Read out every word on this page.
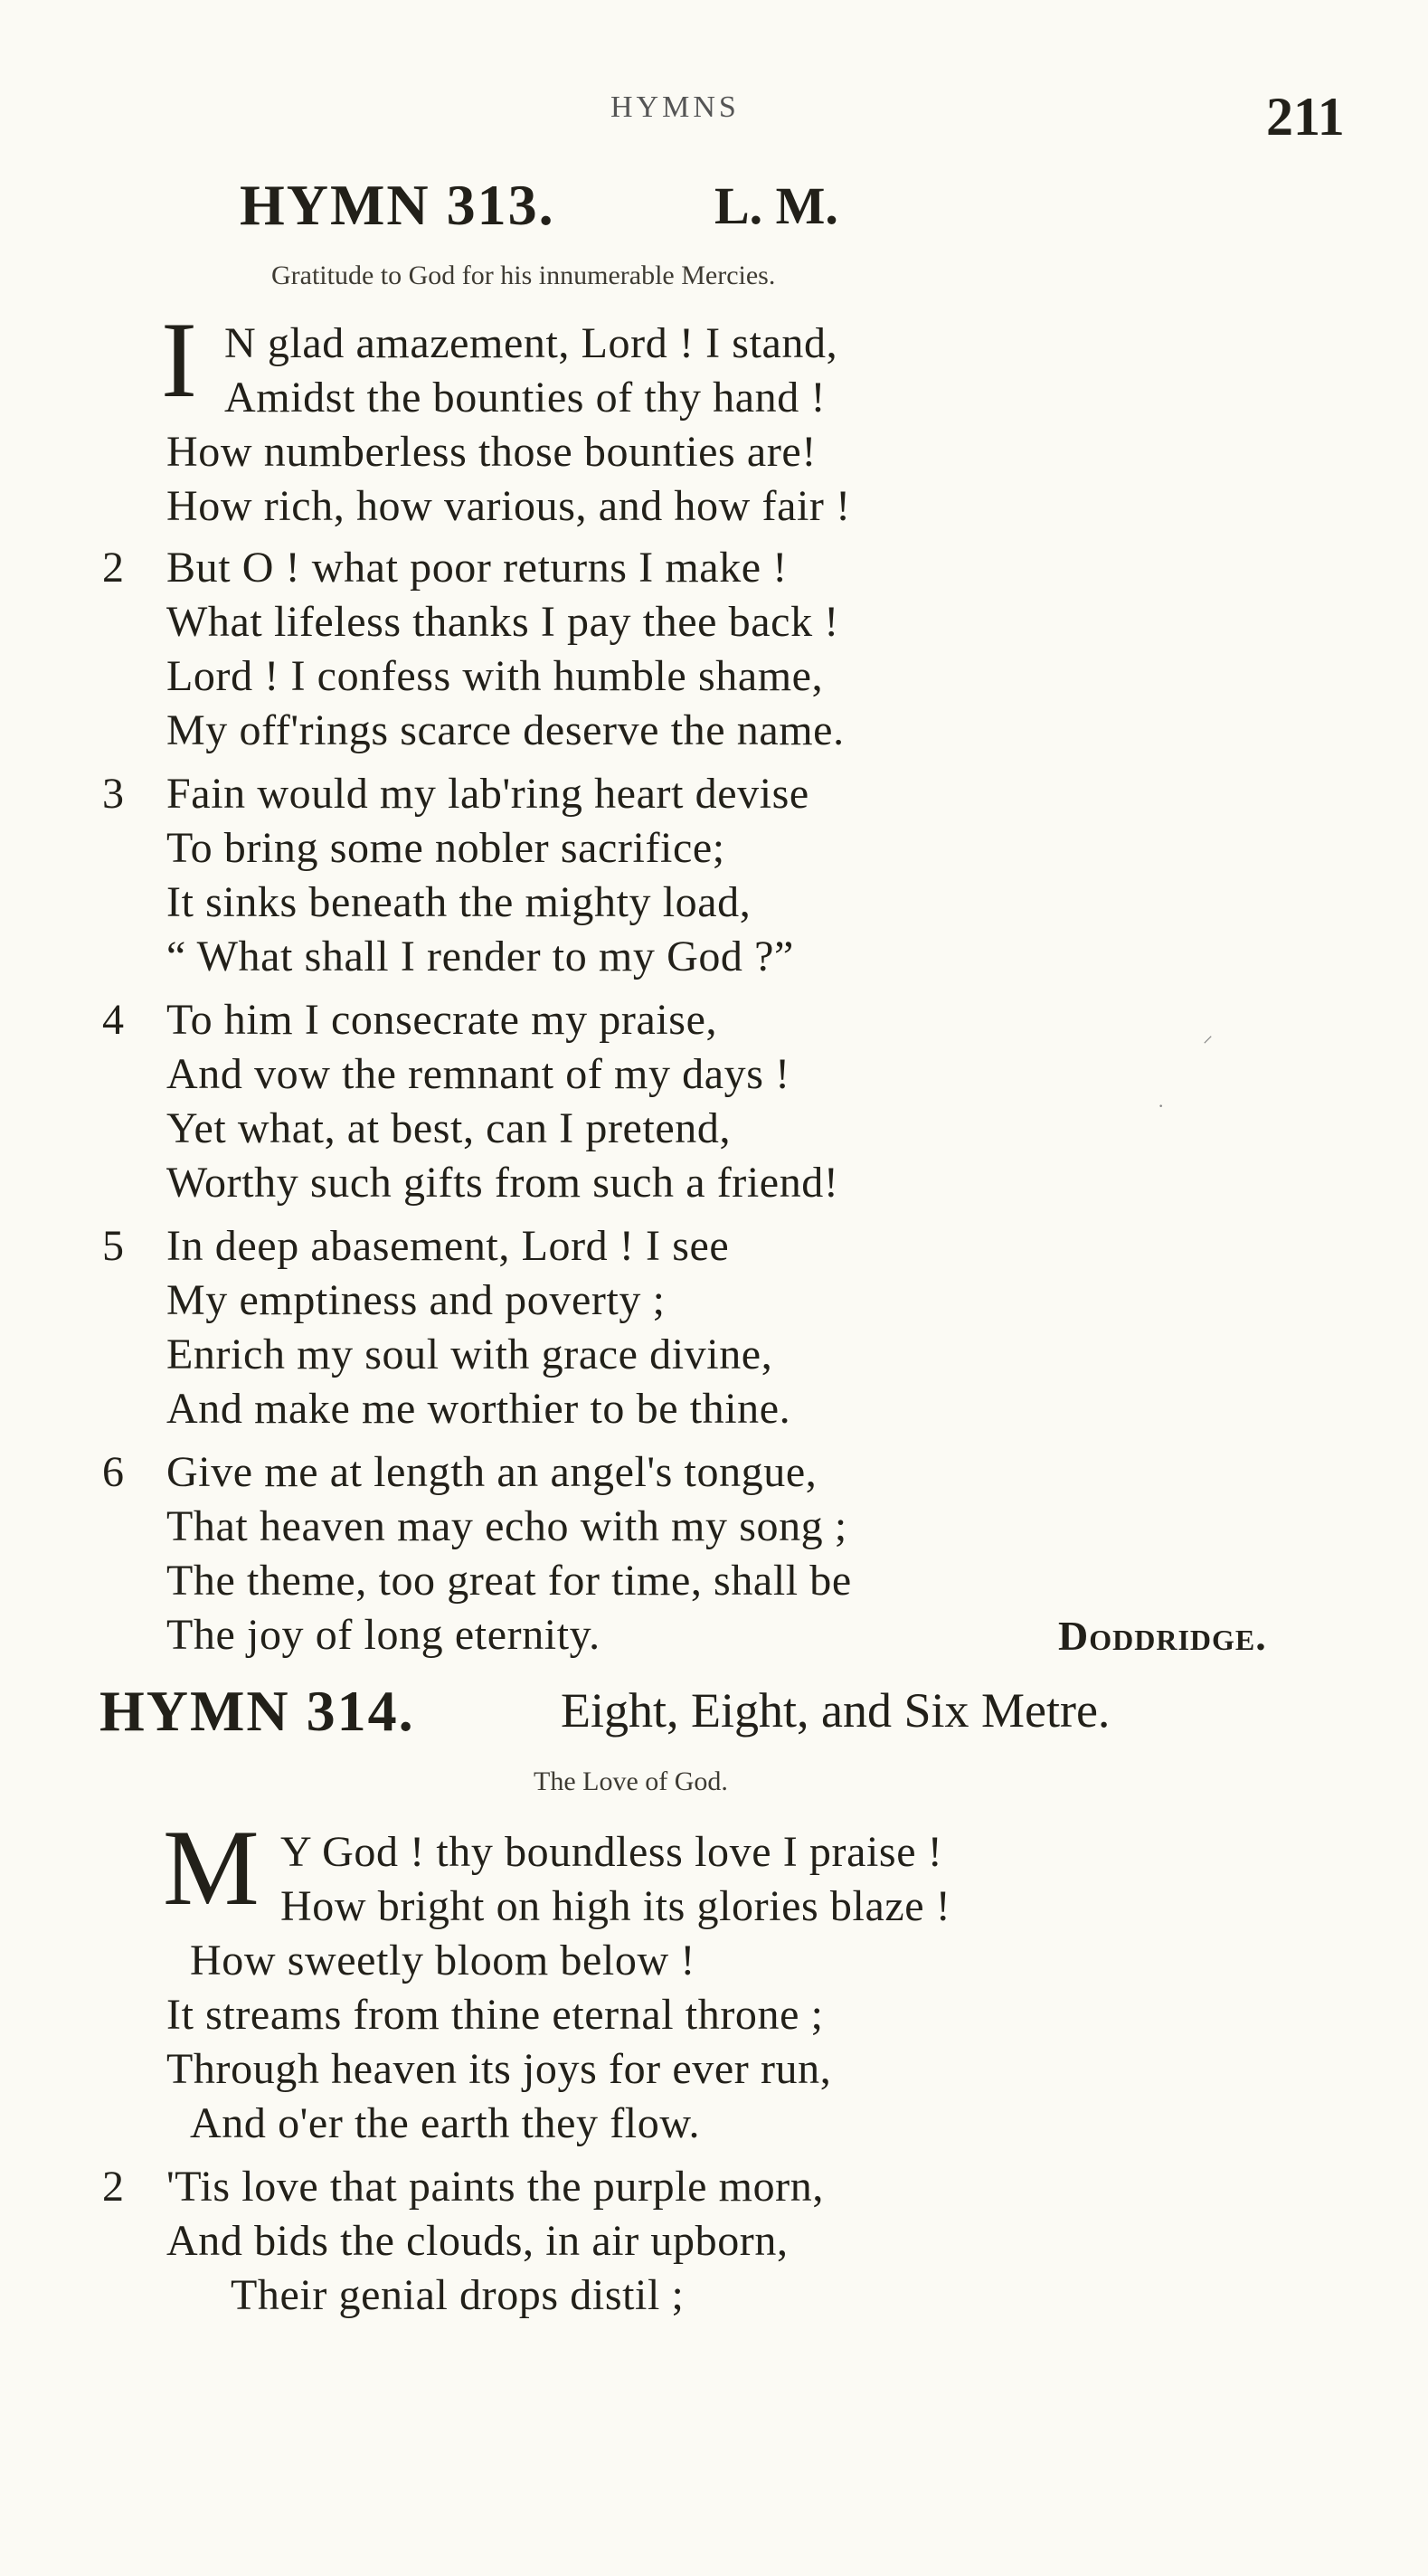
HYMNS	211
HYMN 313.	L. M.
Gratitude to God for his innumerable Mercies.
I N glad amazement, Lord ! I stand,
Amidst the bounties of thy hand !
How numberless those bounties are!
How rich, how various, and how fair !
2 But O ! what poor returns I make !
What lifeless thanks I pay thee back !
Lord ! I confess with humble shame,
My off'rings scarce deserve the name.
3 Fain would my lab'ring heart devise
To bring some nobler sacrifice;
It sinks beneath the mighty load,
“ What shall I render to my God ?”
4 To him I consecrate my praise,
And vow the remnant of my days !
Yet what, at best, can I pretend,
Worthy such gifts from such a friend!
5 In deep abasement, Lord ! I see
My emptiness and poverty ;
Enrich my soul with grace divine,
And make me worthier to be thine.
6 Give me at length an angel's tongue,
That heaven may echo with my song ;
The theme, too great for time, shall be
The joy of long eternity.	Doddridge.
HYMN 314.	Eight, Eight, and Six Metre.
The Love of God.
M Y God ! thy boundless love I praise !
How bright on high its glories blaze !
How sweetly bloom below !
It streams from thine eternal throne ;
Through heaven its joys for ever run,
And o'er the earth they flow.
2 'Tis love that paints the purple morn,
And bids the clouds, in air upborn,
Their genial drops distil ;
⸍
·
